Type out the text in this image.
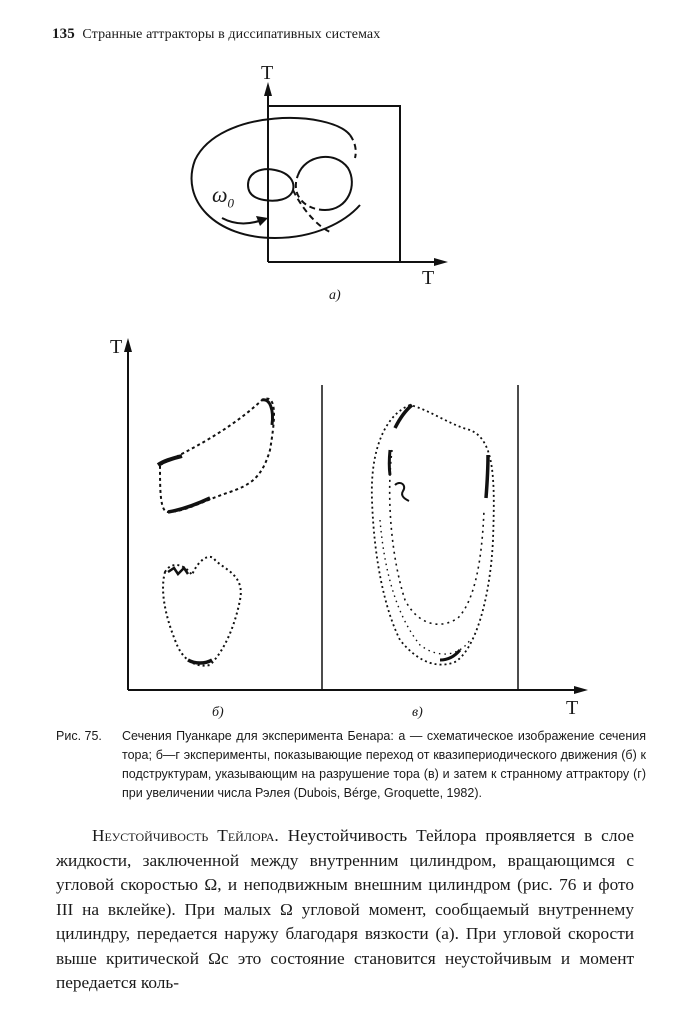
135 Странные аттракторы в диссипативных системах
T
T
$\omega_0$
а)
T
T
б)	в)
Рис. 75. Сечения Пуанкаре для эксперимента Бенара: а — схематическое изображение сечения тора; б—г эксперименты, показывающие переход от квазипериодического движения (б) к подструктурам, указывающим на разрушение тора (в) и затем к странному аттрактору (г) при увеличении числа Рэлея (Dubois, Bérge, Groquette, 1982).

Неустойчивость Тейлора. Неустойчивость Тейлора проявляется в слое жидкости, заключенной между внутренним цилиндром, вращающимся с угловой скоростью Ω, и неподвижным внешним цилиндром (рис. 76 и фото III на вклейке). При малых Ω угловой момент, сообщаемый внутреннему цилиндру, передается наружу благодаря вязкости (а). При угловой скорости выше критической Ωc это состояние становится неустойчивым и момент передается коль-
